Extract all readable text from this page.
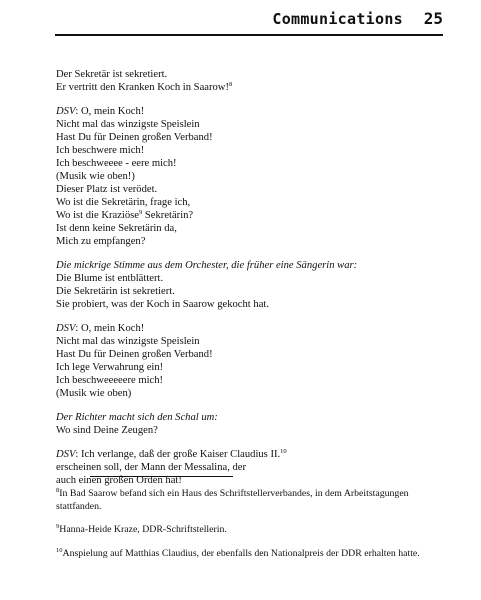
Communications 25
Der Sekretär ist sekretiert.
Er vertritt den Kranken Koch in Saarow!$^8$
DSV: O, mein Koch!
Nicht mal das winzigste Speislein
Hast Du für Deinen großen Verband!
Ich beschwere mich!
Ich beschweeee - eere mich!
(Musik wie oben!)
Dieser Platz ist verödet.
Wo ist die Sekretärin, frage ich,
Wo ist die Kraziöse$^9$ Sekretärin?
Ist denn keine Sekretärin da,
Mich zu empfangen?
Die mickrige Stimme aus dem Orchester, die früher eine Sängerin war:
Die Blume ist entblättert.
Die Sekretärin ist sekretiert.
Sie probiert, was der Koch in Saarow gekocht hat.
DSV: O, mein Koch!
Nicht mal das winzigste Speislein
Hast Du für Deinen großen Verband!
Ich lege Verwahrung ein!
Ich beschweeeeere mich!
(Musik wie oben)
Der Richter macht sich den Schal um:
Wo sind Deine Zeugen?
DSV: Ich verlange, daß der große Kaiser Claudius II.$^{10}$
erscheinen soll, der Mann der Messalina, der
auch einen großen Orden hat!
$^8$In Bad Saarow befand sich ein Haus des Schriftstellerverbandes, in dem Arbeitstagungen
stattfanden.
$^9$Hanna-Heide Kraze, DDR-Schriftstellerin.
$^{10}$Anspielung auf Matthias Claudius, der ebenfalls den Nationalpreis der DDR erhalten hatte.
